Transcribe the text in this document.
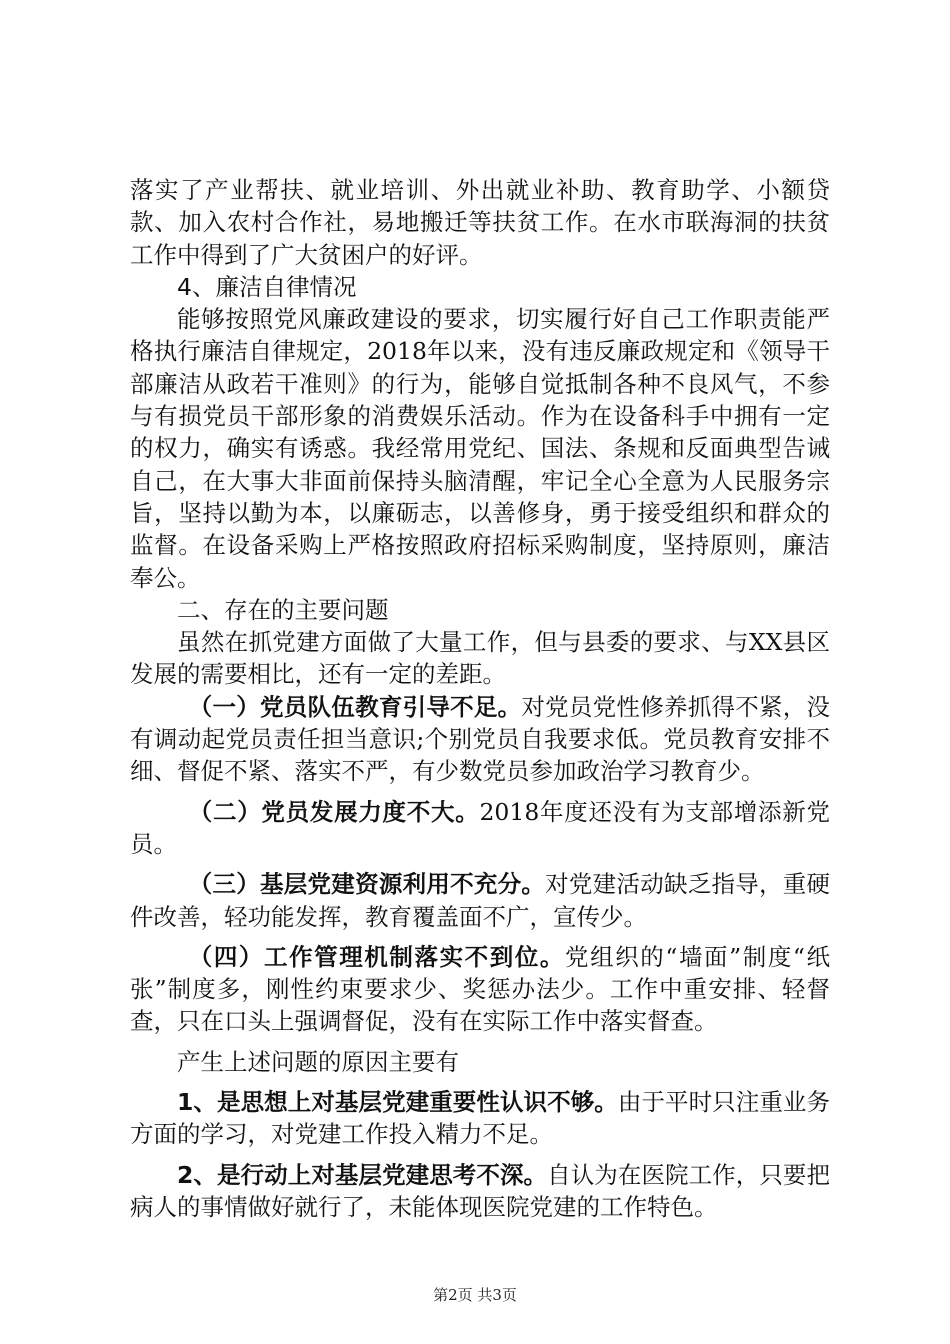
落实了产业帮扶、就业培训、外出就业补助、教育助学、小额贷款、加入农村合作社，易地搬迁等扶贫工作。在水市联海洞的扶贫工作中得到了广大贫困户的好评。

4、廉洁自律情况

能够按照党风廉政建设的要求，切实履行好自己工作职责能严格执行廉洁自律规定，2018年以来，没有违反廉政规定和《领导干部廉洁从政若干准则》的行为，能够自觉抵制各种不良风气，不参与有损党员干部形象的消费娱乐活动。作为在设备科手中拥有一定的权力，确实有诱惑。我经常用党纪、国法、条规和反面典型告诫自己，在大事大非面前保持头脑清醒，牢记全心全意为人民服务宗旨，坚持以勤为本，以廉砺志，以善修身，勇于接受组织和群众的监督。在设备采购上严格按照政府招标采购制度，坚持原则，廉洁奉公。

二、存在的主要问题

虽然在抓党建方面做了大量工作，但与县委的要求、与XX县区发展的需要相比，还有一定的差距。

（一）党员队伍教育引导不足。对党员党性修养抓得不紧，没有调动起党员责任担当意识;个别党员自我要求低。党员教育安排不细、督促不紧、落实不严，有少数党员参加政治学习教育少。

（二）党员发展力度不大。2018年度还没有为支部增添新党员。

（三）基层党建资源利用不充分。对党建活动缺乏指导，重硬件改善，轻功能发挥，教育覆盖面不广，宣传少。

（四）工作管理机制落实不到位。党组织的“墙面”制度“纸张”制度多，刚性约束要求少、奖惩办法少。工作中重安排、轻督查，只在口头上强调督促，没有在实际工作中落实督查。

产生上述问题的原因主要有

1、是思想上对基层党建重要性认识不够。由于平时只注重业务方面的学习，对党建工作投入精力不足。

2、是行动上对基层党建思考不深。自认为在医院工作，只要把病人的事情做好就行了，未能体现医院党建的工作特色。

第2页 共3页
